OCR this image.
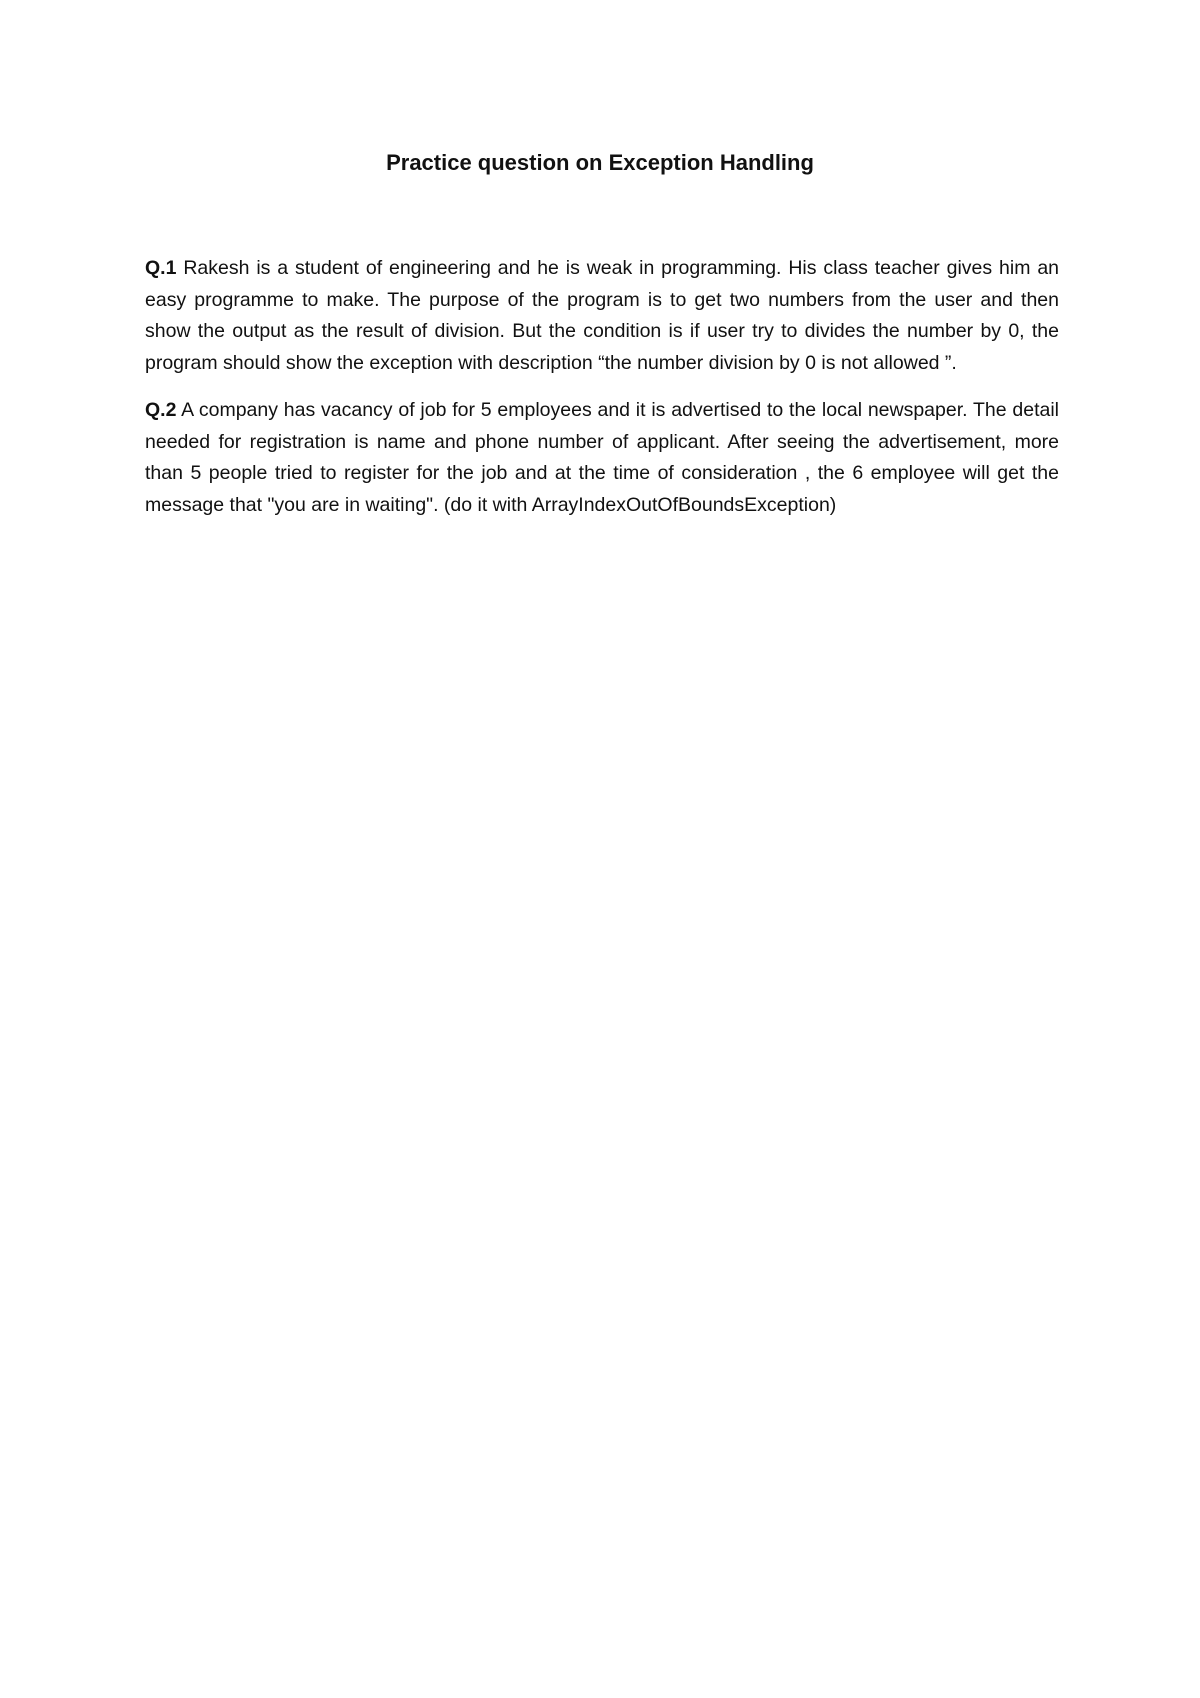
Practice question on Exception Handling

Q.1 Rakesh is a student of engineering and he is weak in programming. His class teacher gives him an easy programme to make. The purpose of the program is to get two numbers from the user and then show the output as the result of division. But the condition is if user try to divides the number by 0, the program should show the exception with description “the number division by 0 is not allowed ”.

Q.2 A company has vacancy of job for 5 employees and it is advertised to the local newspaper. The detail needed for registration is name and phone number of applicant. After seeing the advertisement, more than 5 people tried to register for the job and at the time of consideration , the 6 employee will get the message that "you are in waiting". (do it with ArrayIndexOutOfBoundsException)
